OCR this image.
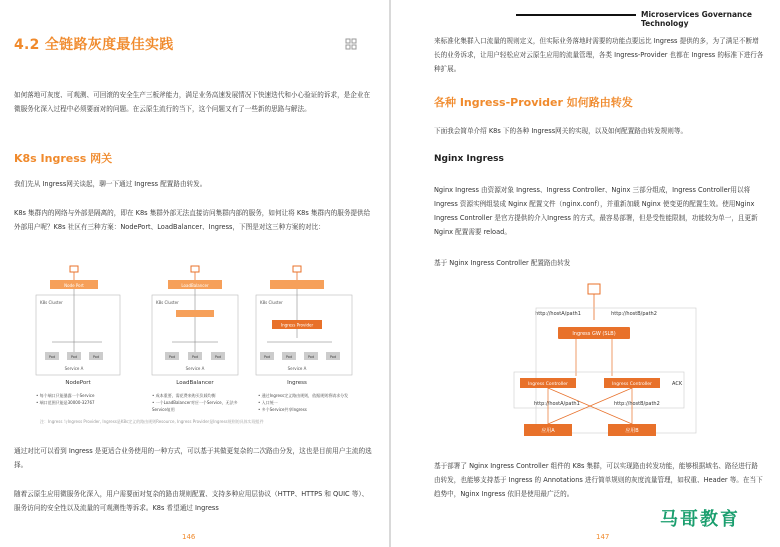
4.2 全链路灰度最佳实践
如何落地可灰度、可观测、可回滚的安全生产三板斧能力，满足业务高速发展情况下快速迭代和小心验证的诉求，是企业在微服务化深入过程中必须要面对的问题。在云原生流行的当下，这个问题又有了一些新的思路与解法。
K8s Ingress 网关
我们先从 Ingress网关谈起，聊一下通过 Ingress 配置路由转发。
K8s 集群内的网络与外部是隔离的，即在 K8s 集群外部无法直接访问集群内部的服务，如何让将 K8s 集群内的服务提供给外部用户呢？K8s 社区有三种方案：NodePort、LoadBalancer、Ingress，下图是对这三种方案的对比：
Node Port
K8s Cluster
Pod	Pod	Pod
Service A
NodePort
LoadBalancer
K8s Cluster
Pod	Pod	Pod
Service A
LoadBalancer
K8s Cluster
Ingress Provider
Pod	Pod	Pod	Pod
Service A
Ingress
• 每个端口只能暴露一个Service
• 端口范围只能是30000-32767
• 成本重要，需花费来购买负载均衡
• 一个LoadBalancer对应一个Service，无法多Service复用
• 通过Ingress定义路由规则，依据规则将请求分发
• 入口统一
• 多个Service共享Ingress
注：Ingress 与Ingress Provider, Ingress是K8s定义的路由规则Resource, Ingress Provider是Ingress规则的具体实现组件
通过对比可以看到 Ingress 是更适合业务使用的一种方式，可以基于其做更复杂的二次路由分发，这也是目前用户主流的选择。
随着云原生应用微服务化深入，用户需要面对复杂的路由规则配置、支持多种应用层协议（HTTP、HTTPS 和 QUIC 等）、服务访问的安全性以及流量的可观测性等诉求。K8s 希望通过 Ingress
146
Microservices Governance Technology
来标准化集群入口流量的规则定义，但实际业务落地时需要的功能点要远比 Ingress 提供的多，为了满足不断增长的业务诉求，让用户轻松应对云原生应用的流量管理，各类 Ingress-Provider 也都在 Ingress 的标准下进行各种扩展。
各种 Ingress-Provider 如何路由转发
下面我会简单介绍 K8s 下的各种 Ingress网关的实现，以及如何配置路由转发规则等。
Nginx Ingress
Nginx Ingress 由资源对象 Ingress、Ingress Controller、Nginx 三部分组成，Ingress Controller用以将 Ingress 资源实例组装成 Nginx 配置文件（nginx.conf），并重新加载 Nginx 使变更的配置生效。使用Nginx Ingress Controller 是官方提供的介入Ingress 的方式，最容易部署，但是受性能限制，功能较为单一，且更新 Nginx 配置需要 reload。
基于 Nginx Ingress Controller 配置路由转发
http://hostA/path1	http://hostB/path2
Ingress GW (SLB)
Ingress Controller	Ingress Controller	ACK
http://hostA/path1	http://hostB/path2
应用A	应用B
基于部署了 Nginx Ingress Controller 组件的 K8s 集群，可以实现路由转发功能，能够根据域名、路径进行路由转发，也能够支持基于 Ingress 的 Annotations 进行简单规则的灰度流量管理，如权重、Header 等。在当下趋势中，Nginx Ingress 依旧是使用最广泛的。
147
马哥教育
